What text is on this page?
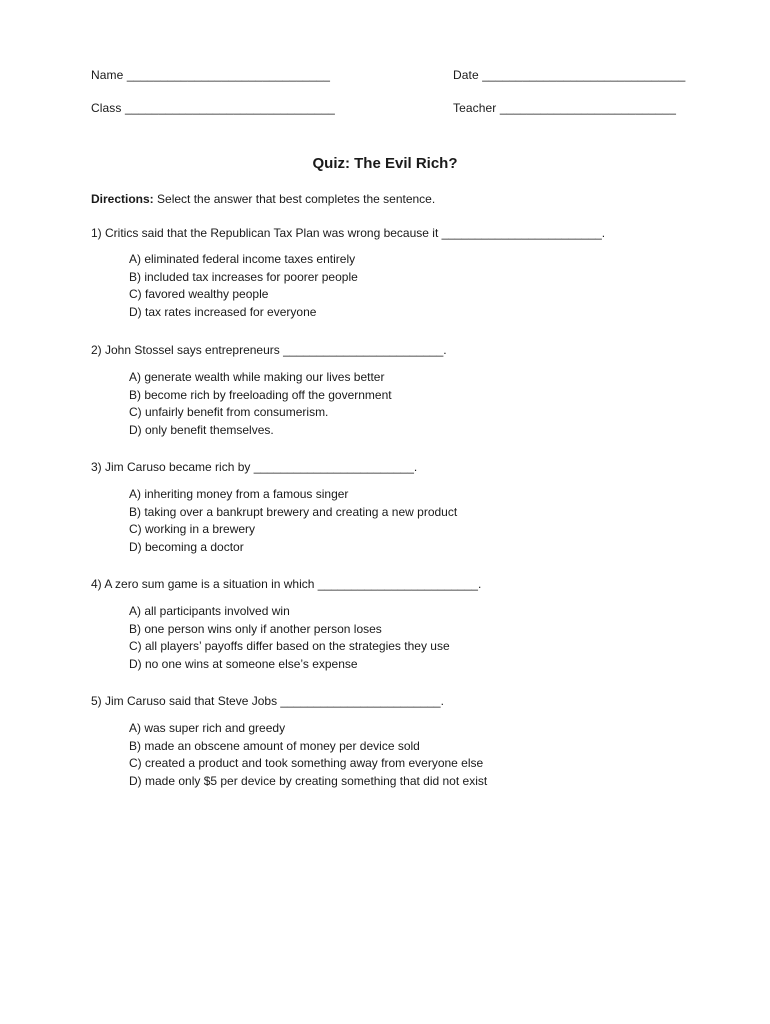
Name ______________________________	Date ______________________________
Class _______________________________	Teacher __________________________
Quiz: The Evil Rich?
Directions: Select the answer that best completes the sentence.
1) Critics said that the Republican Tax Plan was wrong because it ________________________.
A) eliminated federal income taxes entirely
B) included tax increases for poorer people
C) favored wealthy people
D) tax rates increased for everyone
2) John Stossel says entrepreneurs ________________________.
A) generate wealth while making our lives better
B) become rich by freeloading off the government
C) unfairly benefit from consumerism.
D) only benefit themselves.
3) Jim Caruso became rich by ________________________.
A) inheriting money from a famous singer
B) taking over a bankrupt brewery and creating a new product
C) working in a brewery
D) becoming a doctor
4) A zero sum game is a situation in which ________________________.
A) all participants involved win
B) one person wins only if another person loses
C) all players’ payoffs differ based on the strategies they use
D) no one wins at someone else’s expense
5) Jim Caruso said that Steve Jobs ________________________.
A) was super rich and greedy
B) made an obscene amount of money per device sold
C) created a product and took something away from everyone else
D) made only $5 per device by creating something that did not exist
